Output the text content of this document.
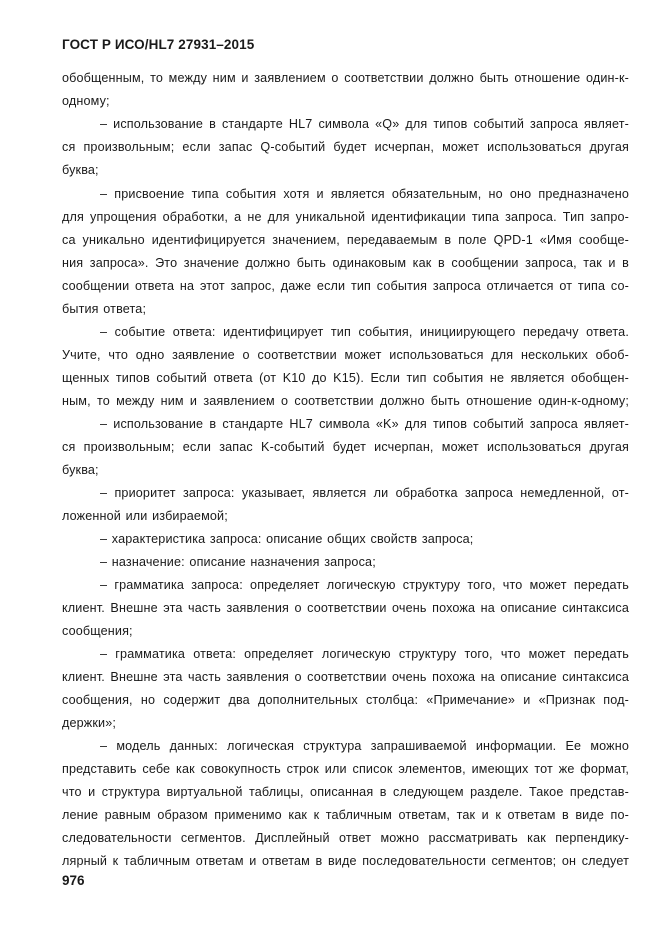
ГОСТ Р ИСО/HL7 27931–2015
обобщенным, то между ним и заявлением о соответствии должно быть отношение один-к-
одному;
– использование в стандарте HL7 символа «Q» для типов событий запроса являет-
ся произвольным; если запас Q-событий будет исчерпан, может использоваться другая
буква;
– присвоение типа события хотя и является обязательным, но оно предназначено
для упрощения обработки, а не для уникальной идентификации типа запроса. Тип запро-
са уникально идентифицируется значением, передаваемым в поле QPD-1 «Имя сообще-
ния запроса». Это значение должно быть одинаковым как в сообщении запроса, так и в
сообщении ответа на этот запрос, даже если тип события запроса отличается от типа со-
бытия ответа;
– событие ответа: идентифицирует тип события, инициирующего передачу ответа.
Учите, что одно заявление о соответствии может использоваться для нескольких обоб-
щенных типов событий ответа (от K10 до K15). Если тип события не является обобщен-
ным, то между ним и заявлением о соответствии должно быть отношение один-к-одному;
– использование в стандарте HL7 символа «K» для типов событий запроса являет-
ся произвольным; если запас K-событий будет исчерпан, может использоваться другая
буква;
– приоритет запроса: указывает, является ли обработка запроса немедленной, от-
ложенной или избираемой;
– характеристика запроса: описание общих свойств запроса;
– назначение: описание назначения запроса;
– грамматика запроса: определяет логическую структуру того, что может передать
клиент. Внешне эта часть заявления о соответствии очень похожа на описание синтаксиса
сообщения;
– грамматика ответа: определяет логическую структуру того, что может передать
клиент. Внешне эта часть заявления о соответствии очень похожа на описание синтаксиса
сообщения, но содержит два дополнительных столбца: «Примечание» и «Признак под-
держки»;
– модель данных: логическая структура запрашиваемой информации. Ее можно
представить себе как совокупность строк или список элементов, имеющих тот же формат,
что и структура виртуальной таблицы, описанная в следующем разделе. Такое представ-
ление равным образом применимо как к табличным ответам, так и к ответам в виде по-
следовательности сегментов. Дисплейный ответ можно рассматривать как перпендику-
лярный к табличным ответам и ответам в виде последовательности сегментов; он следует
976
